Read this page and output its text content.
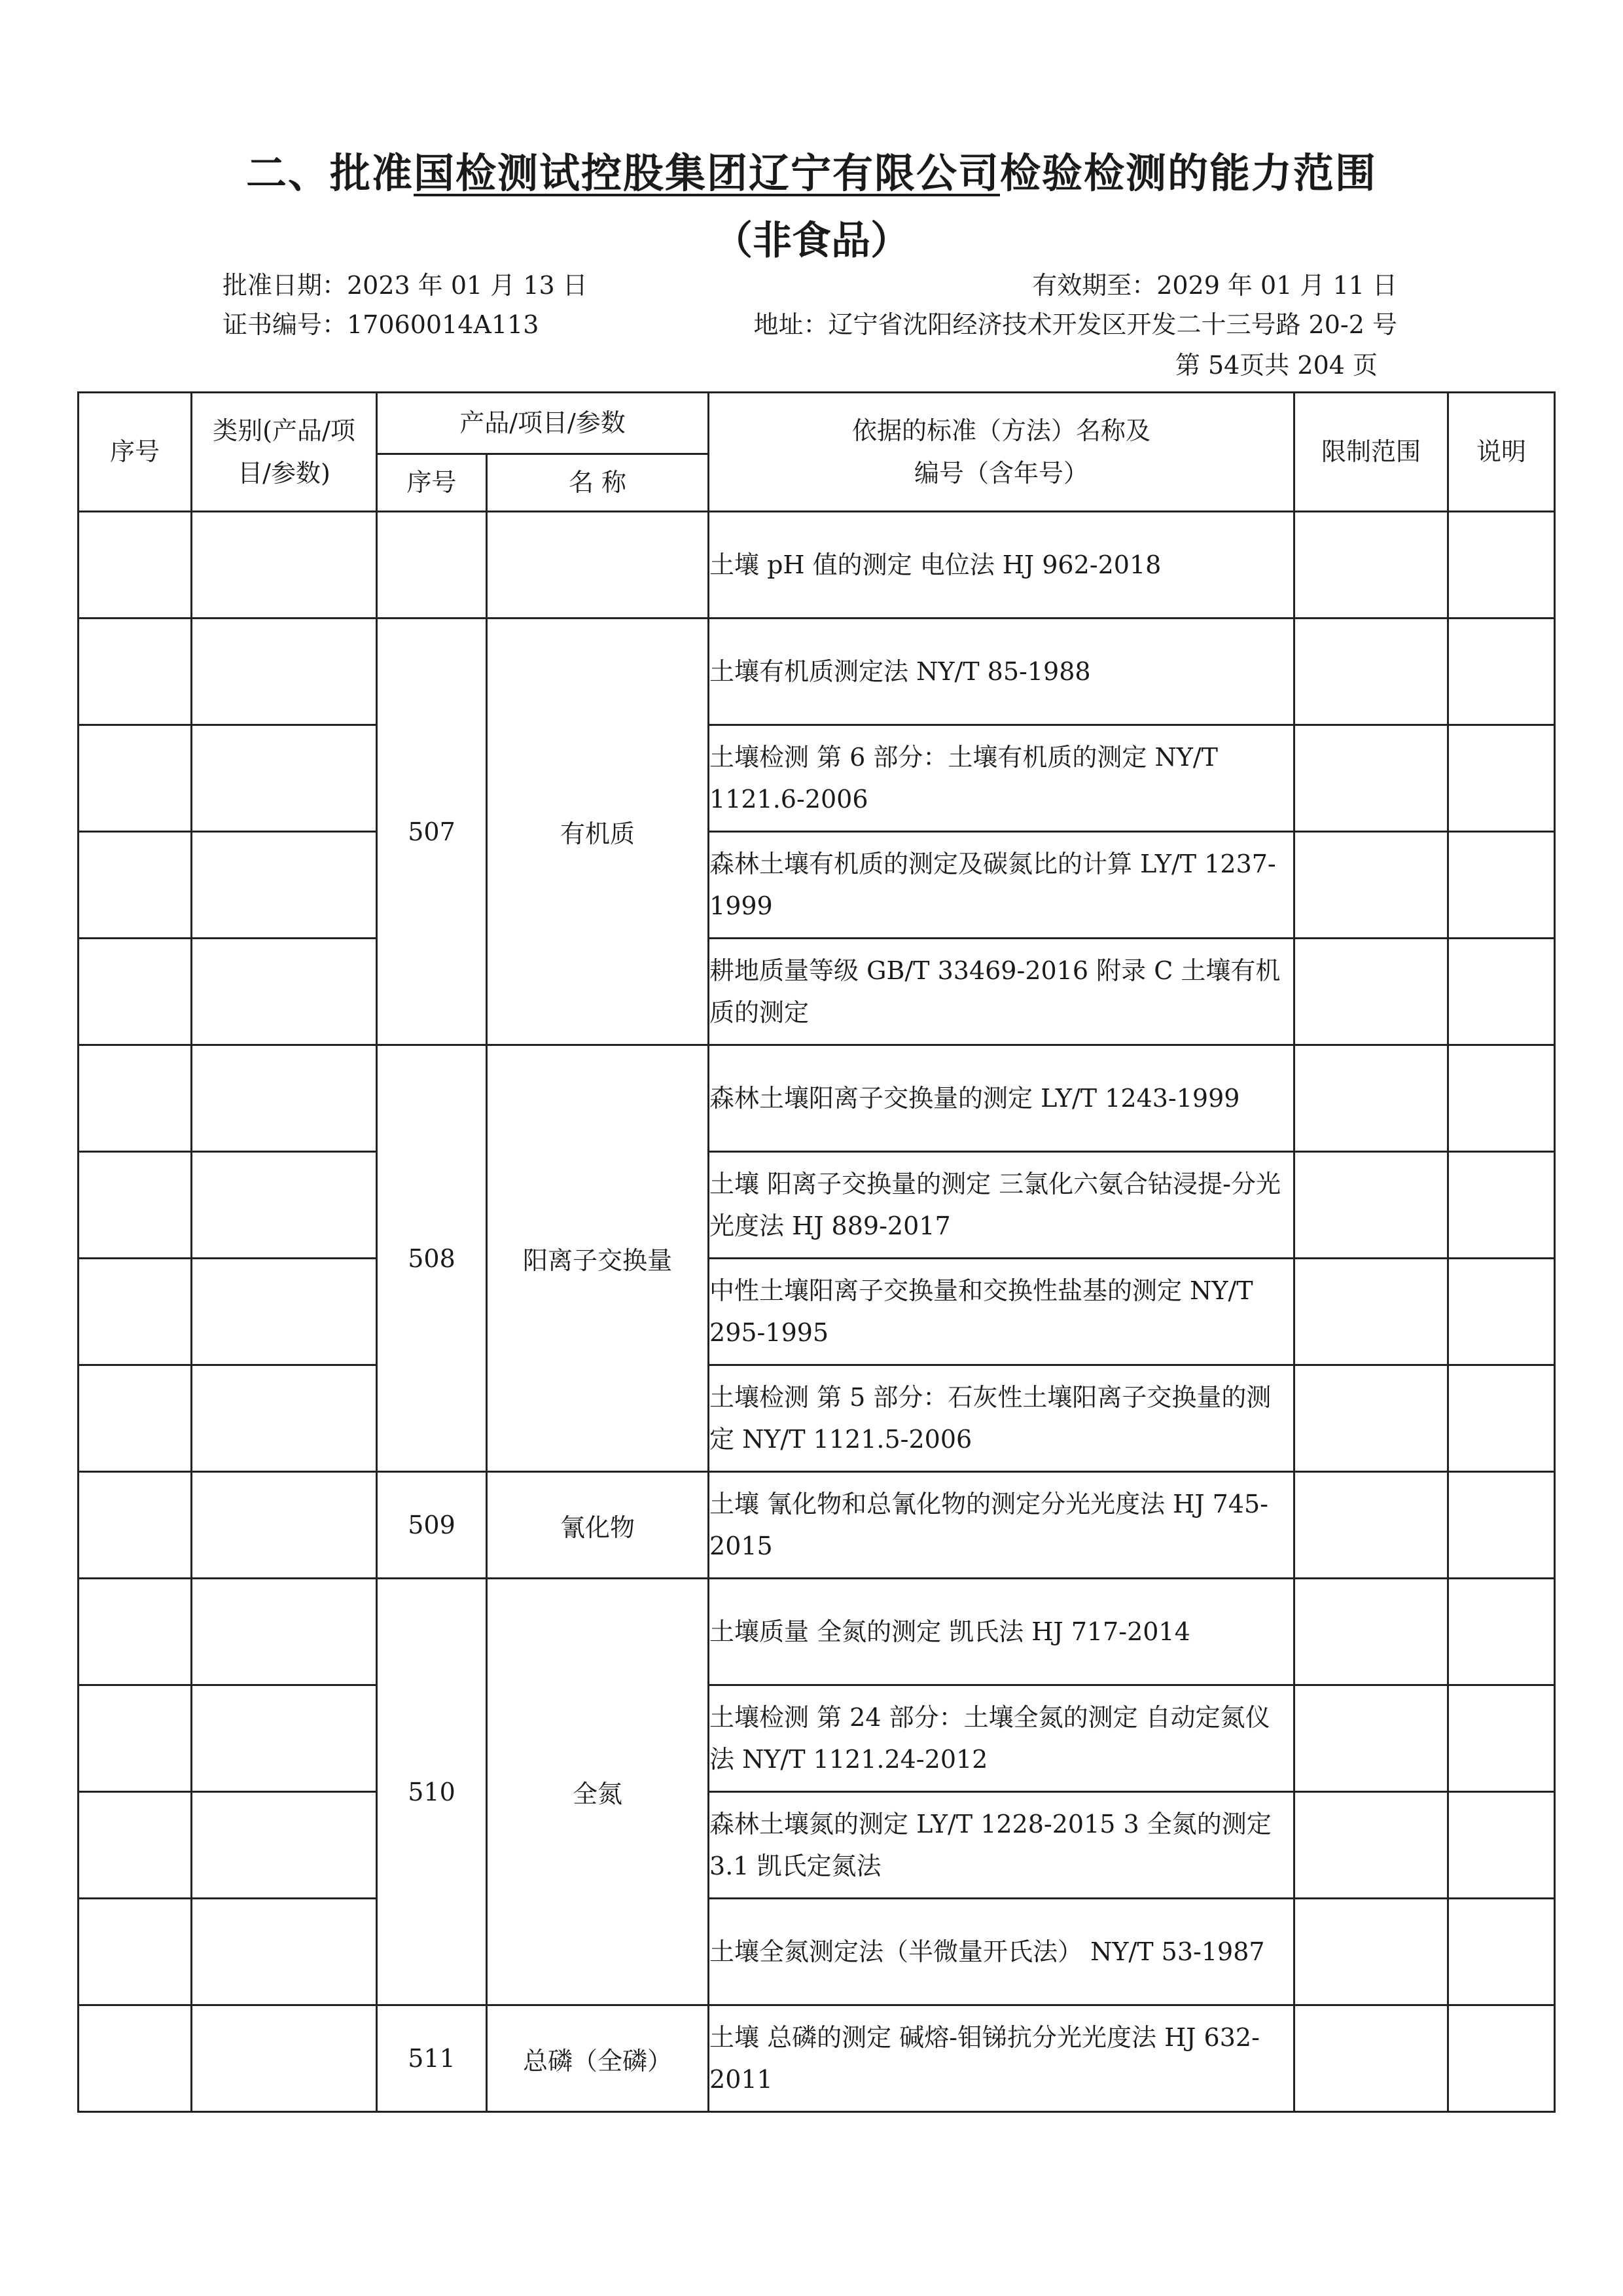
二、批准国检测试控股集团辽宁有限公司检验检测的能力范围
（非食品）
批准日期：2023 年 01 月 13 日	有效期至：2029 年 01 月 11 日
证书编号：17060014A113	地址：辽宁省沈阳经济技术开发区开发二十三号路 20-2 号
第 54页共 204 页
序号	类别(产品/项目/参数)	产品/项目/参数		依据的标准（方法）名称及编号（含年号）	限制范围	说明
		序号	名 称			
				土壤 pH 值的测定 电位法 HJ 962-2018		
		507	有机质	土壤有机质测定法 NY/T 85-1988		
				土壤检测 第 6 部分：土壤有机质的测定 NY/T 1121.6-2006		
				森林土壤有机质的测定及碳氮比的计算 LY/T 1237-1999		
				耕地质量等级 GB/T 33469-2016 附录 C 土壤有机质的测定		
		508	阳离子交换量	森林土壤阳离子交换量的测定 LY/T 1243-1999		
				土壤 阳离子交换量的测定 三氯化六氨合钴浸提-分光光度法 HJ 889-2017		
				中性土壤阳离子交换量和交换性盐基的测定 NY/T 295-1995		
				土壤检测 第 5 部分：石灰性土壤阳离子交换量的测定 NY/T 1121.5-2006		
		509	氰化物	土壤 氰化物和总氰化物的测定分光光度法 HJ 745-2015		
		510	全氮	土壤质量 全氮的测定 凯氏法 HJ 717-2014		
				土壤检测 第 24 部分：土壤全氮的测定 自动定氮仪法 NY/T 1121.24-2012		
				森林土壤氮的测定 LY/T 1228-2015 3 全氮的测定 3.1 凯氏定氮法		
				土壤全氮测定法（半微量开氏法） NY/T 53-1987		
		511	总磷（全磷）	土壤 总磷的测定 碱熔-钼锑抗分光光度法 HJ 632-2011		
